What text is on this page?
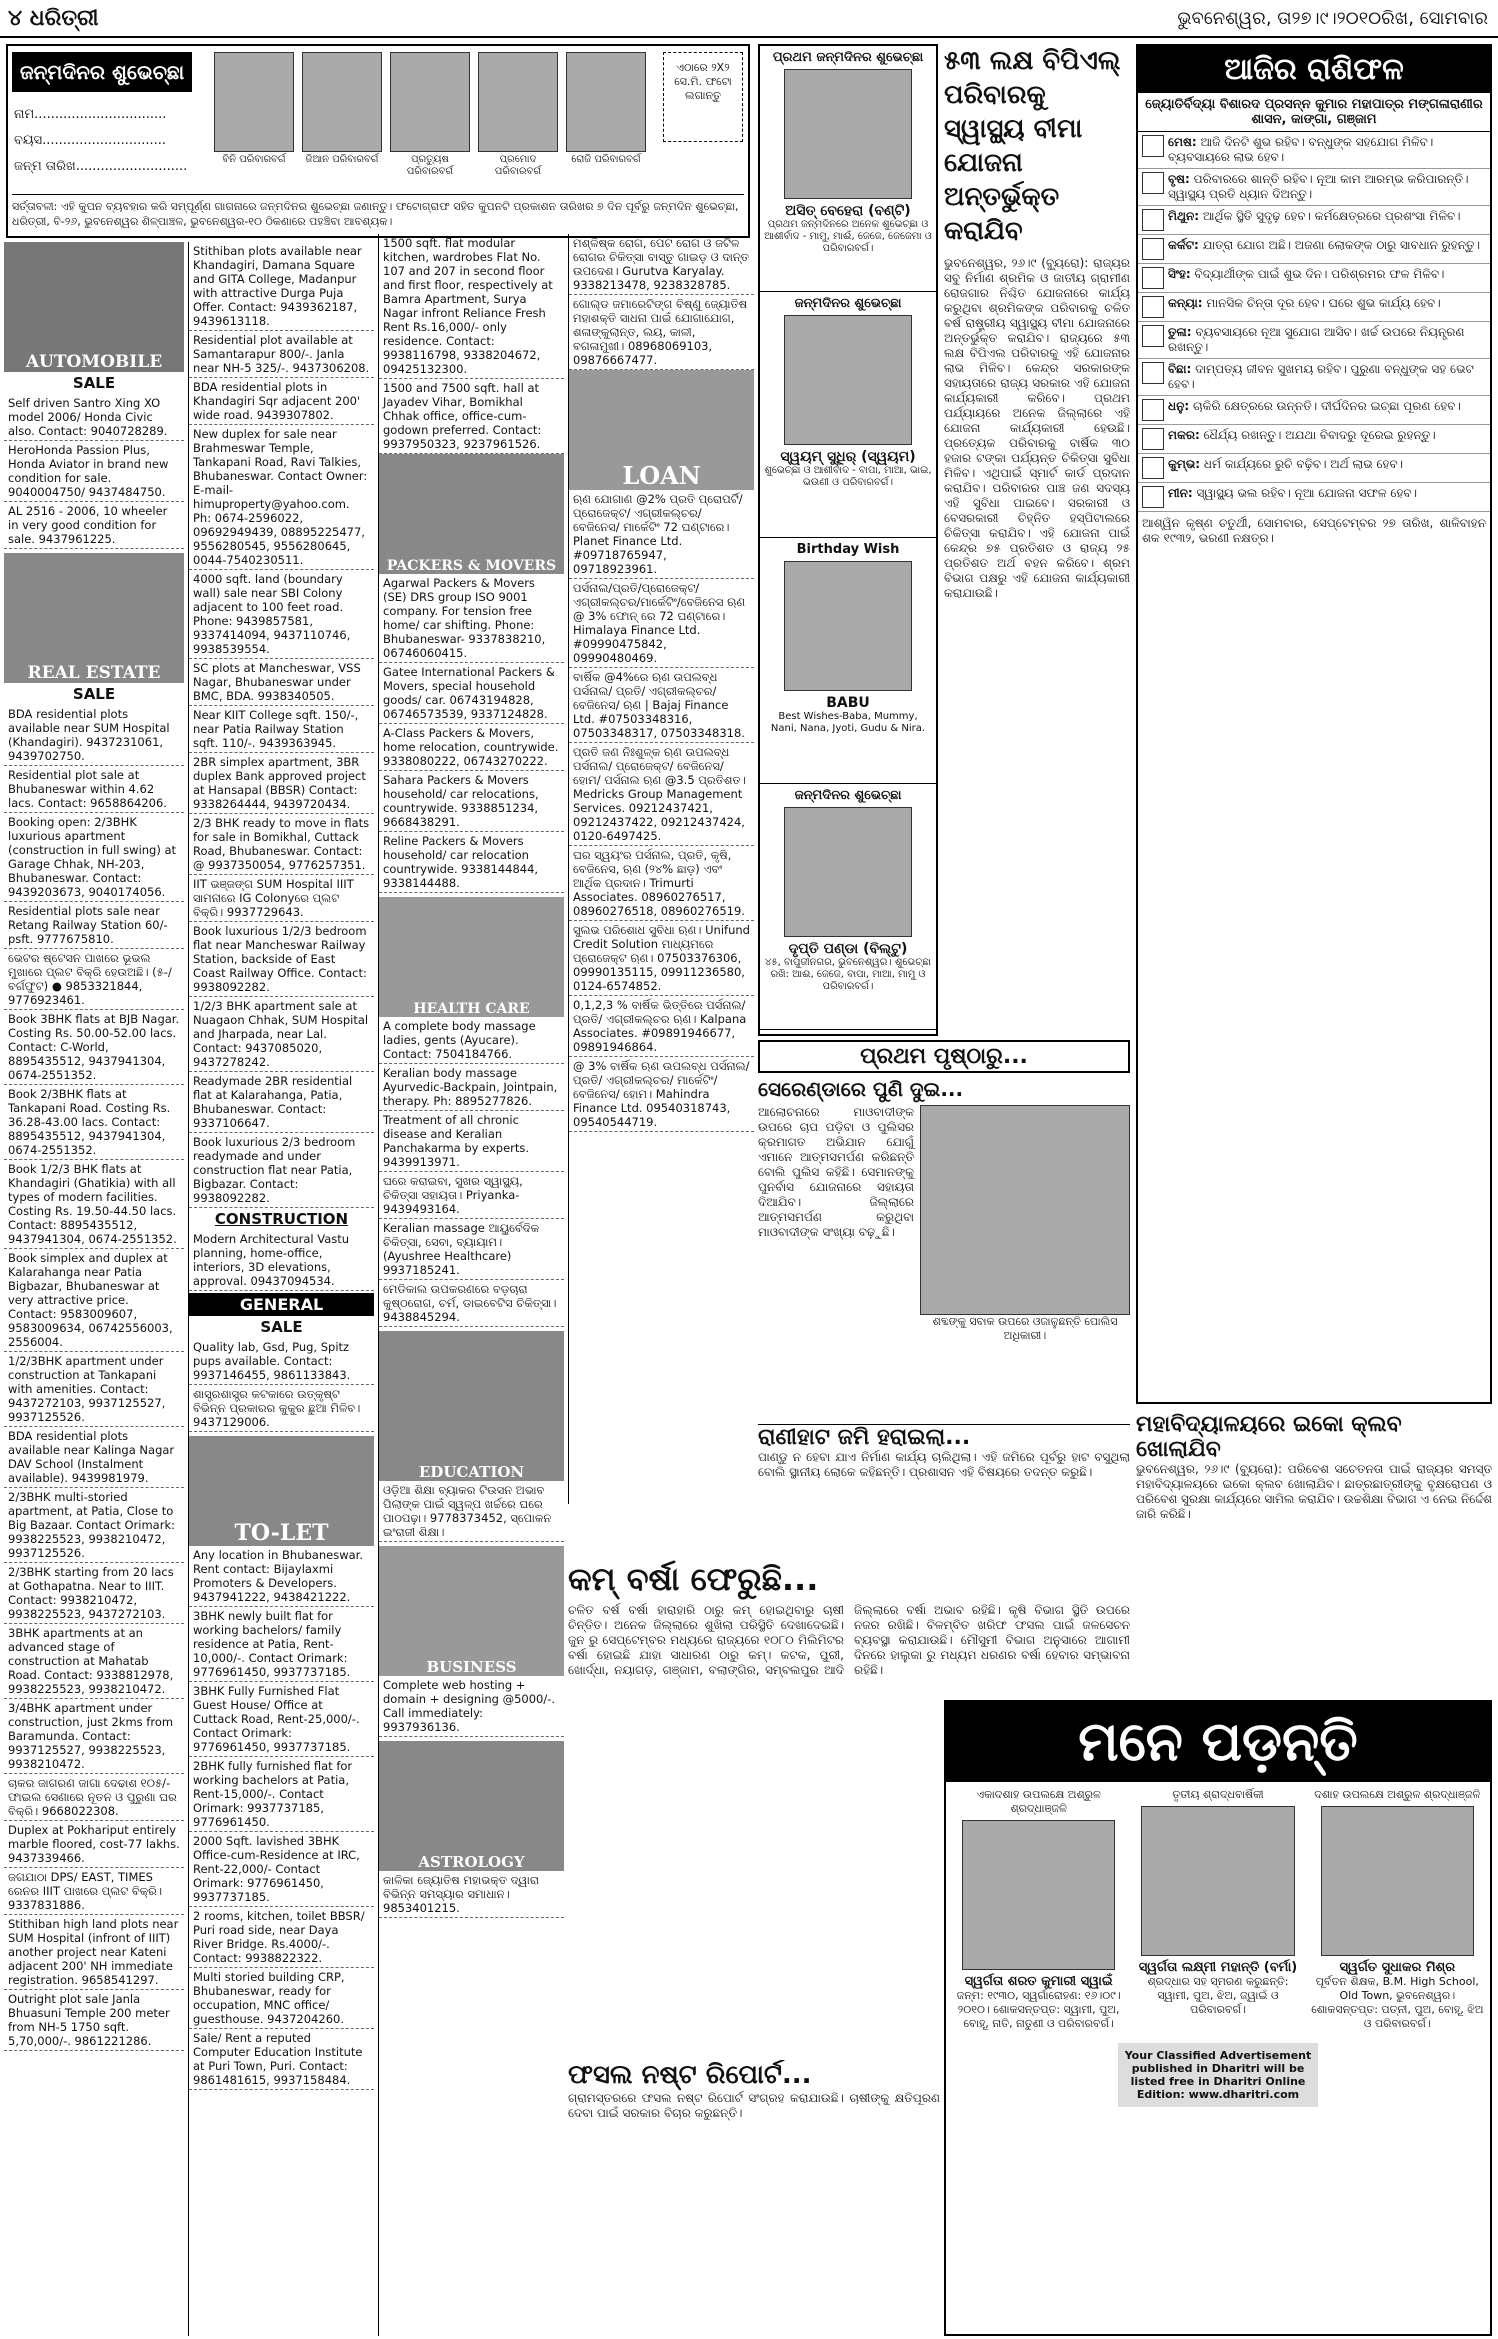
୪ ଧରିତ୍ରୀ	ଭୁବନେଶ୍ୱର, ତା୨୭।୯।୨୦୧୦ରିଖ, ସୋମବାର
ଜନ୍ମଦିନର ଶୁଭେଚ୍ଛା
ନାମ................................
ବୟସ..............................
ଜନ୍ମ ତାରିଖ...........................	ବିନି ପରିବାରବର୍ଗ	ଜିଆନ ପରିବାରବର୍ଗ	ପ୍ରତ୍ୟୁଷ ପରିବାରବର୍ଗ
ପ୍ରମୋଦ ପରିବାରବର୍ଗ
ରୋଜି ପରିବାରବର୍ଗ
ଏଠାରେ ୨X୨ ସେ.ମି. ଫଟୋ ଲଗାନ୍ତୁ
ସର୍ତ୍ତାବଳୀ: ଏହି କୁପନ ବ୍ୟବହାର କରି ସମ୍ପୂର୍ଣ୍ଣ ଗାଗନାରେ ଜନ୍ମଦିନର ଶୁଭେଚ୍ଛା ଜଣାନ୍ତୁ। ଫଟୋଗ୍ରାଫ ସହିତ କୁପନଟି ପ୍ରକାଶନ ତାରିଖର ୭ ଦିନ ପୂର୍ବରୁ ଜନ୍ମଦିନ ଶୁଭେଚ୍ଛା, ଧରିତ୍ରୀ, ବି-୨୬, ଭୁବନେଶ୍ୱର ଶିଳ୍ପାଞ୍ଚଳ, ଭୁବନେଶ୍ୱର-୧୦ ଠିକଣାରେ ପହଞ୍ଚିବା ଆବଶ୍ୟକ।
AUTOMOBILE
SALE
Self driven Santro Xing XO model 2006/ Honda Civic also. Contact: 9040728289.
HeroHonda Passion Plus, Honda Aviator in brand new condition for sale. 9040004750/ 9437484750.
AL 2516 - 2006, 10 wheeler in very good condition for sale. 9437961225.
REAL ESTATE
SALE
BDA residential plots available near SUM Hospital (Khandagiri). 9437231061, 9439702750.
Residential plot sale at Bhubaneswar within 4.62 lacs. Contact: 9658864206.
Booking open: 2/3BHK luxurious apartment (construction in full swing) at Garage Chhak, NH-203, Bhubaneswar. Contact: 9439203673, 9040174056.
Residential plots sale near Retang Railway Station 60/-psft. 9777675810.
ଭେଟର ଷ୍ଟେସନ ପାଖରେ ଭୂଭଲ ମୁଖାରେ ପ୍ଲଟ ବିକ୍ରି ହେଉଅଛି। (୫-/ବର୍ଗଫୁଟ) ● 9853321844, 9776923461.
Book 3BHK flats at BJB Nagar. Costing Rs. 50.00-52.00 lacs. Contact: C-World, 8895435512, 9437941304, 0674-2551352.
Book 2/3BHK flats at Tankapani Road. Costing Rs. 36.28-43.00 lacs. Contact: 8895435512, 9437941304, 0674-2551352.
Book 1/2/3 BHK flats at Khandagiri (Ghatikia) with all types of modern facilities. Costing Rs. 19.50-44.50 lacs. Contact: 8895435512, 9437941304, 0674-2551352.
Book simplex and duplex at Kalarahanga near Patia Bigbazar, Bhubaneswar at very attractive price. Contact: 9583009607, 9583009634, 06742556003, 2556004.
1/2/3BHK apartment under construction at Tankapani with amenities. Contact: 9437272103, 9937125527, 9937125526.
BDA residential plots available near Kalinga Nagar DAV School (Instalment available). 9439981979.
2/3BHK multi-storied apartment, at Patia, Close to Big Bazaar. Contact Orimark: 9938225523, 9938210472, 9937125526.
2/3BHK starting from 20 lacs at Gothapatna. Near to IIIT. Contact: 9938210472, 9938225523, 9437272103.
3BHK apartments at an advanced stage of construction at Mahatab Road. Contact: 9338812978, 9938225523, 9938210472.
3/4BHK apartment under construction, just 2kms from Baramunda. Contact: 9937125527, 9938225523, 9938210472.
ଚାକର ଜାଗରଣ ଜାଗା ଦେଢାଶ ୧୦୫/- ଫାଇଲ ସେଣାରେ ନୂତନ ଓ ପୁରୁଣା ଘର ବିକ୍ରି। 9668022308.
Duplex at Pokhariput entirely marble floored, cost-77 lakhs. 9437339466.
ଜଗଯାଠା DPS/ EAST, TIMES ରେନର IIIT ପାଖରେ ପ୍ଲଟ ବିକ୍ରି। 9337831886.
Stithiban high land plots near SUM Hospital (infront of IIIT) another project near Kateni adjacent 200' NH immediate registration. 9658541297.
Outright plot sale Janla Bhuasuni Temple 200 meter from NH-5 1750 sqft. 5,70,000/-. 9861221286.
Stithiban plots available near Khandagiri, Damana Square and GITA College, Madanpur with attractive Durga Puja Offer. Contact: 9439362187, 9439613118.
Residential plot available at Samantarapur 800/-. Janla near NH-5 325/-. 9437306208.
BDA residential plots in Khandagiri Sqr adjacent 200' wide road. 9439307802.
New duplex for sale near Brahmeswar Temple, Tankapani Road, Ravi Talkies, Bhubaneswar. Contact Owner: E-mail-himuproperty@yahoo.com. Ph: 0674-2596022, 09692949439, 08895225477, 9556280545, 9556280645, 0044-7540230511.
4000 sqft. land (boundary wall) sale near SBI Colony adjacent to 100 feet road. Phone: 9439857581, 9337414094, 9437110746, 9938539554.
SC plots at Mancheswar, VSS Nagar, Bhubaneswar under BMC, BDA. 9938340505.
Near KIIT College sqft. 150/-, near Patia Railway Station sqft. 110/-. 9439363945.
2BR simplex apartment, 3BR duplex Bank approved project at Hansapal (BBSR) Contact: 9338264444, 9439720434.
2/3 BHK ready to move in flats for sale in Bomikhal, Cuttack Road, Bhubaneswar. Contact: @ 9937350054, 9776257351.
IIT ଭଞ୍ଜଙ୍ଗ SUM Hospital IIIT ସାମନାରେ IG Colonyରେ ପ୍ଲଟ ବିକ୍ରି। 9937729643.
Book luxurious 1/2/3 bedroom flat near Mancheswar Railway Station, backside of East Coast Railway Office. Contact: 9938092282.
1/2/3 BHK apartment sale at Nuagaon Chhak, SUM Hospital and Jharpada, near Lal. Contact: 9437085020, 9437278242.
Readymade 2BR residential flat at Kalarahanga, Patia, Bhubaneswar. Contact: 9337106647.
Book luxurious 2/3 bedroom readymade and under construction flat near Patia, Bigbazar. Contact: 9938092282.
CONSTRUCTION
Modern Architectural Vastu planning, home-office, interiors, 3D elevations, approval. 09437094534.
GENERAL
SALE
Quality lab, Gsd, Pug, Spitz pups available. Contact: 9937146455, 9861133843.
ଶାସ୍ତ୍ରଶାସ୍ତ୍ର କଟକାରେ ଉତ୍କୃଷ୍ଟ ବିଭିନ୍ନ ପ୍ରକାରର କୁକୁର ଛୁଆ ମିଳିବ। 9437129006.
TO-LET
Any location in Bhubaneswar. Rent contact: Bijaylaxmi Promoters & Developers. 9437941222, 9438421222.
3BHK newly built flat for working bachelors/ family residence at Patia, Rent-10,000/-. Contact Orimark: 9776961450, 9937737185.
3BHK Fully Furnished Flat Guest House/ Office at Cuttack Road, Rent-25,000/-. Contact Orimark: 9776961450, 9937737185.
2BHK fully furnished flat for working bachelors at Patia, Rent-15,000/-. Contact Orimark: 9937737185, 9776961450.
2000 Sqft. lavished 3BHK Office-cum-Residence at IRC, Rent-22,000/- Contact Orimark: 9776961450, 9937737185.
2 rooms, kitchen, toilet BBSR/ Puri road side, near Daya River Bridge. Rs.4000/-. Contact: 9938822322.
Multi storied building CRP, Bhubaneswar, ready for occupation, MNC office/ guesthouse. 9437204260.
Sale/ Rent a reputed Computer Education Institute at Puri Town, Puri. Contact: 9861481615, 9937158484.
1500 sqft. flat modular kitchen, wardrobes Flat No. 107 and 207 in second floor and first floor, respectively at Bamra Apartment, Surya Nagar infront Reliance Fresh Rent Rs.16,000/- only residence. Contact: 9938116798, 9338204672, 09425132300.
1500 and 7500 sqft. hall at Jayadev Vihar, Bomikhal Chhak office, office-cum-godown preferred. Contact: 9937950323, 9237961526.
PACKERS & MOVERS
Agarwal Packers & Movers (SE) DRS group ISO 9001 company. For tension free home/ car shifting. Phone: Bhubaneswar- 9337838210, 06746060415.
Gatee International Packers & Movers, special household goods/ car. 06743194828, 06746573539, 9337124828.
A-Class Packers & Movers, home relocation, countrywide. 9338080222, 06743270222.
Sahara Packers & Movers household/ car relocations, countrywide. 9338851234, 9668438291.
Reline Packers & Movers household/ car relocation countrywide. 9338144844, 9338144488.
HEALTH CARE
A complete body massage ladies, gents (Ayucare). Contact: 7504184766.
Keralian body massage Ayurvedic-Backpain, Jointpain, therapy. Ph: 8895277826.
Treatment of all chronic disease and Keralian Panchakarma by experts. 9439913971.
ଘରେ କରାଇବା, ସୁଖର ସ୍ୱାସ୍ଥ୍ୟ, ଚିକିତ୍ସା ସହାୟତା। Priyanka- 9439493164.
Keralian massage ଆୟୁର୍ବେଦିକ ଚିକିତ୍ସା, ସେବା, ବ୍ୟାୟାମ। (Ayushree Healthcare) 9937185241.
ମେଡିକାଲ ଉପକରଣରେ ବଡ଼ଚାରା କୁଷ୍ଠରୋଗ, ଚର୍ମ, ଡାଇବେଟିସ ଚିକିତ୍ସା। 9438845294.
EDUCATION
ଓଡ଼ିଆ ଶିକ୍ଷା ବ୍ୟାକର ଟିଉସନ ଅଭାବ ପିଲାଙ୍କ ପାଇଁ ସ୍ୱଳ୍ପ ଖର୍ଚ୍ଚରେ ଘରେ ପାଠପଢ଼ା। 9778373452, ସ୍ପୋକନ ଇଂରାଜୀ ଶିକ୍ଷା।
BUSINESS
Complete web hosting + domain + designing @5000/-. Call immediately: 9937936136.
ASTROLOGY
କାଳିକା ଜ୍ୟୋତିଷ ମହାଭକ୍ତ ଦ୍ୱାରା ବିଭିନ୍ନ ସମସ୍ୟାର ସମାଧାନ। 9853401215.
ମଶ୍ଳିଷ୍କ ରୋଗ, ପେଟ ରୋଗ ଓ ଜଟିଳ ରୋଗର ଚିକିତ୍ସା ବାସ୍ତୁ ଗାଇଡ଼ ଓ ଦାନ୍ତ ଉପଦେଶ। Gurutva Karyalay. 9338213478, 9238328785.
ଗୋଲ୍ଡ ଜମାରେଟିଙ୍ଗ ବିଷ୍ଣୁ ଜ୍ୟୋତିଷ ମହାଶକ୍ତି ସାଧନା ପାଇଁ ଯୋଗାଯୋଗ, ଶଳାଙ୍କୁଲାନ୍ତ, ଲୟ, କାଳୀ, ବଗଳାମୁଖୀ। 08968069103, 09876667477.
LOAN
ଋଣ ଯୋଗାଣ @2% ପ୍ରତି ପ୍ରୋପର୍ଟି/ ପ୍ରୋଜେକ୍ଟ/ ଏଗ୍ରୀକଲ୍ଚର/ ବେଜିନେସ/ ମାର୍କେଟିଂ 72 ଘଣ୍ଟାରେ। Planet Finance Ltd. #09718765947, 09718923961.
ପର୍ସନାଲ/ପ୍ରତି/ପ୍ରୋଜେକ୍ଟ/ ଏଗ୍ରୀକଲ୍ଚର/ମାର୍କେଟିଂ/ବେଜିନେସ ଋଣ @ 3% ଫୋନ୍ ରେ 72 ଘଣ୍ଟାରେ। Himalaya Finance Ltd. #09990475842, 09990480469.
ବାର୍ଷିକ @4%ରେ ଋଣ ଉପଲବ୍ଧ ପର୍ସନାଲ/ ପ୍ରତି/ ଏଗ୍ରୀକଲ୍ଚର/ ବେଜିନେସ/ ଋଣ | Bajaj Finance Ltd. #07503348316, 07503348317, 07503348318.
ପ୍ରତି ଜଣ ନିଃଶୁଳ୍କ ଋଣ ଉପଲବ୍ଧ ପର୍ସନାଲ/ ପ୍ରୋଜେକ୍ଟ/ ବେଜିନେସ/ ହୋମ/ ପର୍ସନାଲ ଋଣ @3.5 ପ୍ରତିଶତ। Medricks Group Management Services. 09212437421, 09212437422, 09212437424, 0120-6497425.
ଘର ସ୍ୱୟଂର ପର୍ସନାଲ, ପ୍ରତି, କୃଷି, ବେଜିନେସ, ଋଣ (୨୪% ଛାଡ଼) ଏବଂ ଆର୍ଥିକ ପ୍ରଦାନ। Trimurti Associates. 08960276517, 08960276518, 08960276519.
ସୁଲଭ ପରିଶୋଧ ସୁବିଧା ଋଣ। Unifund Credit Solution ମାଧ୍ୟମରେ ପ୍ରୋଜେକ୍ଟ ଋଣ। 07503376306, 09990135115, 09911236580, 0124-6574852.
0,1,2,3 % ବାର୍ଷିକ ଭିତ୍ତିରେ ପର୍ସନାଲ/ ପ୍ରତି/ ଏଗ୍ରୀକଲ୍ଚର ଋଣ। Kalpana Associates. #09891946677, 09891946864.
@ 3% ବାର୍ଷିକ ଋଣ ଉପଲବ୍ଧ ପର୍ସନାଲ/ ପ୍ରତି/ ଏଗ୍ରୀକଲ୍ଚର/ ମାର୍କେଟିଂ/ ବେଜିନେସ/ ହୋମ। Mahindra Finance Ltd. 09540318743, 09540544719.
ପ୍ରଥମ ଜନ୍ମଦିନର ଶୁଭେଚ୍ଛା
ଅସିତ୍ ବେହେରା (ବଣ୍ଟି)
ପ୍ରଥମ ଜନ୍ମଦିନରେ ଅନେକ ଶୁଭେଚ୍ଛା ଓ ଆଶୀର୍ବାଦ - ମାମୁ, ମାଈଁ, ଜେଜେ, ଜେଜେମା ଓ ପରିବାରବର୍ଗ।
ଜନ୍ମଦିନର ଶୁଭେଚ୍ଛା
ସ୍ୱୟମ୍ ସୁଧିର୍ (ସ୍ୱୟମ)
ଶୁଭେଚ୍ଛା ଓ ଆଶୀର୍ବାଦ - ବାପା, ମାଆ, ଭାଇ, ଭଉଣୀ ଓ ପରିବାରବର୍ଗ।
Birthday Wish
BABU
Best Wishes-Baba, Mummy, Nani, Nana, Jyoti, Gudu & Nira.
ଜନ୍ମଦିନର ଶୁଭେଚ୍ଛା
ଦୃପ୍ତି ପଣ୍ଡା (ବିଲ୍ଟୁ)
୪୫, ବାପୁଜୀନଗର, ଭୁବନେଶ୍ୱର। ଶୁଭେଚ୍ଛା ରଖି: ଆଈ, ଜେଜେ, ବାପା, ମାଆ, ମାମୁ ଓ ପରିବାରବର୍ଗ।
୫୩ ଲକ୍ଷ ବିପିଏଲ୍ ପରିବାରକୁ ସ୍ୱାସ୍ଥ୍ୟ ବୀମା ଯୋଜନା ଅନ୍ତର୍ଭୁକ୍ତ କରାଯିବ
ଭୁବନେଶ୍ୱର, ୨୬।୯ (ବ୍ୟୁରୋ): ରାଜ୍ୟର ସବୁ ନିର୍ମାଣ ଶ୍ରମିକ ଓ ଜାତୀୟ ଗ୍ରାମୀଣ ରୋଜଗାର ନିଶ୍ଚିତ ଯୋଜନାରେ କାର୍ଯ୍ୟ କରୁଥିବା ଶ୍ରମିକଙ୍କ ପରିବାରକୁ ଚଳିତ ବର୍ଷ ରାଷ୍ଟ୍ରୀୟ ସ୍ୱାସ୍ଥ୍ୟ ବୀମା ଯୋଜନାରେ ଅନ୍ତର୍ଭୁକ୍ତ କରାଯିବ। ରାଜ୍ୟରେ ୫୩ ଲକ୍ଷ ବିପିଏଲ ପରିବାରକୁ ଏହି ଯୋଜନାର ଲାଭ ମିଳିବ। କେନ୍ଦ୍ର ସରକାରଙ୍କ ସହାୟତାରେ ରାଜ୍ୟ ସରକାର ଏହି ଯୋଜନା କାର୍ଯ୍ୟକାରୀ କରିବେ। ପ୍ରଥମ ପର୍ଯ୍ୟାୟରେ ଅନେକ ଜିଲ୍ଲାରେ ଏହି ଯୋଜନା କାର୍ଯ୍ୟକାରୀ ହେଉଛି। ପ୍ରତ୍ୟେକ ପରିବାରକୁ ବାର୍ଷିକ ୩୦ ହଜାର ଟଙ୍କା ପର୍ଯ୍ୟନ୍ତ ଚିକିତ୍ସା ସୁବିଧା ମିଳିବ। ଏଥିପାଇଁ ସ୍ମାର୍ଟ କାର୍ଡ ପ୍ରଦାନ କରାଯିବ। ପରିବାରର ପାଞ୍ଚ ଜଣ ସଦସ୍ୟ ଏହି ସୁବିଧା ପାଇବେ। ସରକାରୀ ଓ ବେସରକାରୀ ଚିହ୍ନିତ ହସ୍ପିଟାଲରେ ଚିକିତ୍ସା କରାଯିବ। ଏହି ଯୋଜନା ପାଇଁ କେନ୍ଦ୍ର ୭୫ ପ୍ରତିଶତ ଓ ରାଜ୍ୟ ୨୫ ପ୍ରତିଶତ ଅର୍ଥ ବହନ କରିବେ। ଶ୍ରମ ବିଭାଗ ପକ୍ଷରୁ ଏହି ଯୋଜନା କାର୍ଯ୍ୟକାରୀ କରାଯାଉଛି।
ଆଜିର ରାଶିଫଳ
ଜ୍ୟୋତିର୍ବିଦ୍ୟା ବିଶାରଦ ପ୍ରସନ୍ନ କୁମାର ମହାପାତ୍ର ମଙ୍ଗଳାରାଣୀର ଶାସନ, କାଙ୍ଗା, ଗଞ୍ଜାମ
ମେଷ: ଆଜି ଦିନଟି ଶୁଭ ରହିବ। ବନ୍ଧୁଙ୍କ ସହଯୋଗ ମିଳିବ। ବ୍ୟବସାୟରେ ଲାଭ ହେବ।
ବୃଷ: ପରିବାରରେ ଶାନ୍ତି ରହିବ। ନୂଆ କାମ ଆରମ୍ଭ କରିପାରନ୍ତି। ସ୍ୱାସ୍ଥ୍ୟ ପ୍ରତି ଧ୍ୟାନ ଦିଅନ୍ତୁ।
ମିଥୁନ: ଆର୍ଥିକ ସ୍ଥିତି ସୁଦୃଢ଼ ହେବ। କର୍ମକ୍ଷେତ୍ରରେ ପ୍ରଶଂସା ମିଳିବ।
କର୍କଟ: ଯାତ୍ରା ଯୋଗ ଅଛି। ଅଜଣା ଲୋକଙ୍କ ଠାରୁ ସାବଧାନ ରୁହନ୍ତୁ।
ସିଂହ: ବିଦ୍ୟାର୍ଥୀଙ୍କ ପାଇଁ ଶୁଭ ଦିନ। ପରିଶ୍ରମର ଫଳ ମିଳିବ।
କନ୍ୟା: ମାନସିକ ଚିନ୍ତା ଦୂର ହେବ। ଘରେ ଶୁଭ କାର୍ଯ୍ୟ ହେବ।
ତୁଳା: ବ୍ୟବସାୟରେ ନୂଆ ସୁଯୋଗ ଆସିବ। ଖର୍ଚ୍ଚ ଉପରେ ନିୟନ୍ତ୍ରଣ ରଖନ୍ତୁ।
ବିଛା: ଦାମ୍ପତ୍ୟ ଜୀବନ ସୁଖମୟ ରହିବ। ପୁରୁଣା ବନ୍ଧୁଙ୍କ ସହ ଭେଟ ହେବ।
ଧନୁ: ଚାକିରି କ୍ଷେତ୍ରରେ ଉନ୍ନତି। ଦୀର୍ଘଦିନର ଇଚ୍ଛା ପୂରଣ ହେବ।
ମକର: ଧୈର୍ଯ୍ୟ ରଖନ୍ତୁ। ଅଯଥା ବିବାଦରୁ ଦୂରେଇ ରୁହନ୍ତୁ।
କୁମ୍ଭ: ଧର୍ମ କାର୍ଯ୍ୟରେ ରୁଚି ବଢ଼ିବ। ଅର୍ଥ ଲାଭ ହେବ।
ମୀନ: ସ୍ୱାସ୍ଥ୍ୟ ଭଲ ରହିବ। ନୂଆ ଯୋଜନା ସଫଳ ହେବ।
ଆଶ୍ୱିନ କୃଷ୍ଣ ଚତୁର୍ଥୀ, ସୋମବାର, ସେପ୍ଟେମ୍ବର ୨୭ ତାରିଖ, ଶାଳିବାହନ ଶକ ୧୯୩୨, ଭରଣୀ ନକ୍ଷତ୍ର।
ପ୍ରଥମ ପୃଷ୍ଠାରୁ...
ସେରେଣ୍ଡାରେ ପୁଣି ଦୁଇ...
ଆଲୋଚନାରେ ମାଓବାଦୀଙ୍କ ଉପରେ ଚାପ ପଡ଼ିବା ଓ ପୁଲିସର କ୍ରମାଗତ ଅଭିଯାନ ଯୋଗୁଁ ଏମାନେ ଆତ୍ମସମର୍ପଣ କରିଛନ୍ତି ବୋଲି ପୁଲିସ କହିଛି। ସେମାନଙ୍କୁ ପୁନର୍ବାସ ଯୋଜନାରେ ସହାୟତା ଦିଆଯିବ। ଜିଲ୍ଲାରେ ଆତ୍ମସମର୍ପଣ କରୁଥିବା ମାଓବାଦୀଙ୍କ ସଂଖ୍ୟା ବଢ଼ୁଛି।
ଶବ୍ଦଙ୍କୁ ସବାକ ଉପରେ ଓଜାଳୁଛନ୍ତି ପୋଲିସ ଅଧିକାରୀ।
ରାଣୀହାଟ ଜମି ହରାଇଲା...
ପାଣ୍ଡୁ ନ ହେବା ଯାଏ ନିର୍ମାଣ କାର୍ଯ୍ୟ ଚାଲିଥିଲା। ଏହି ଜମିରେ ପୂର୍ବରୁ ହାଟ ବସୁଥିଲା ବୋଲି ସ୍ଥାନୀୟ ଲୋକେ କହିଛନ୍ତି। ପ୍ରଶାସନ ଏହି ବିଷୟରେ ତଦନ୍ତ କରୁଛି।
କମ୍ ବର୍ଷା ଫେରୁଛି...
ଚଳିତ ବର୍ଷ ବର୍ଷା ହାରାହାରି ଠାରୁ କମ୍ ହୋଇଥିବାରୁ ଚାଷୀ ଚିନ୍ତିତ। ଅନେକ ଜିଲ୍ଲାରେ ଶୁଖିଲା ପରିସ୍ଥିତି ଦେଖାଦେଇଛି। ଜୁନ ରୁ ସେପ୍ଟେମ୍ବର ମଧ୍ୟରେ ରାଜ୍ୟରେ ୧୦୮୦ ମିଲିମିଟର ବର୍ଷା ହୋଇଛି ଯାହା ସାଧାରଣ ଠାରୁ କମ୍। କଟକ, ପୁରୀ, ଖୋର୍ଦ୍ଧା, ନୟାଗଡ଼, ଗଞ୍ଜାମ, ବଲାଙ୍ଗିର, ସମ୍ବଲପୁର ଆଦି ଜିଲ୍ଲାରେ ବର୍ଷା ଅଭାବ ରହିଛି। କୃଷି ବିଭାଗ ସ୍ଥିତି ଉପରେ ନଜର ରଖିଛି। ବିଳମ୍ବିତ ଖରିଫ ଫସଲ ପାଇଁ ଜଳସେଚନ ବ୍ୟବସ୍ଥା କରାଯାଉଛି। ମୌସୁମୀ ବିଭାଗ ଅନୁସାରେ ଆଗାମୀ ଦିନରେ ହାଲୁକା ରୁ ମଧ୍ୟମ ଧରଣର ବର୍ଷା ହେବାର ସମ୍ଭାବନା ରହିଛି।
ଫସଲ ନଷ୍ଟ ରିପୋର୍ଟ...
ଗ୍ରାମସ୍ତରରେ ଫସଲ ନଷ୍ଟ ରିପୋର୍ଟ ସଂଗ୍ରହ କରାଯାଉଛି। ଚାଷୀଙ୍କୁ କ୍ଷତିପୂରଣ ଦେବା ପାଇଁ ସରକାର ବିଚାର କରୁଛନ୍ତି।
ମହାବିଦ୍ୟାଳୟରେ ଇକୋ କ୍ଲବ ଖୋଲାଯିବ
ଭୁବନେଶ୍ୱର, ୨୬।୯ (ବ୍ୟୁରୋ): ପରିବେଶ ସଚେତନତା ପାଇଁ ରାଜ୍ୟର ସମସ୍ତ ମହାବିଦ୍ୟାଳୟରେ ଇକୋ କ୍ଲବ ଖୋଲାଯିବ। ଛାତ୍ରଛାତ୍ରୀଙ୍କୁ ବୃକ୍ଷରୋପଣ ଓ ପରିବେଶ ସୁରକ୍ଷା କାର୍ଯ୍ୟରେ ସାମିଲ କରାଯିବ। ଉଚ୍ଚଶିକ୍ଷା ବିଭାଗ ଏ ନେଇ ନିର୍ଦ୍ଦେଶ ଜାରି କରିଛି।
ମନେ ପଡ଼ନ୍ତି
ଏକାଦଶାହ ଉପଲକ୍ଷେ ଅଶ୍ରୁଳ ଶ୍ରଦ୍ଧାଞ୍ଜଳି
ସ୍ୱର୍ଗତା ଶରତ କୁମାରୀ ସ୍ୱାଇଁ
ଜନ୍ମ: ୧୯୩୦, ସ୍ୱର୍ଗାରୋହଣ: ୧୬।୦୯।୨୦୧୦। ଶୋକସନ୍ତପ୍ତ: ସ୍ୱାମୀ, ପୁଅ, ବୋହୂ, ନାତି, ନାତୁଣୀ ଓ ପରିବାରବର୍ଗ।
ତୃତୀୟ ଶ୍ରାଦ୍ଧବାର୍ଷିକୀ
ସ୍ୱର୍ଗତା ଲକ୍ଷ୍ମୀ ମହାନ୍ତି (ବର୍ମା)
ଶ୍ରଦ୍ଧାର ସହ ସ୍ମରଣ କରୁଛନ୍ତି: ସ୍ୱାମୀ, ପୁଅ, ଝିଅ, ଜ୍ୱାଇଁ ଓ ପରିବାରବର୍ଗ।
ଦଶାହ ଉପଲକ୍ଷେ ଅଶ୍ରୁଳ ଶ୍ରଦ୍ଧାଞ୍ଜଳି
ସ୍ୱର୍ଗତ ସୁଧାକର ମିଶ୍ର
ପୂର୍ବତନ ଶିକ୍ଷକ, B.M. High School, Old Town, ଭୁବନେଶ୍ୱର। ଶୋକସନ୍ତପ୍ତ: ପତ୍ନୀ, ପୁଅ, ବୋହୂ, ଝିଅ ଓ ପରିବାରବର୍ଗ।
Your Classified Advertisement published in Dharitri will be listed free in Dharitri Online Edition: www.dharitri.com
